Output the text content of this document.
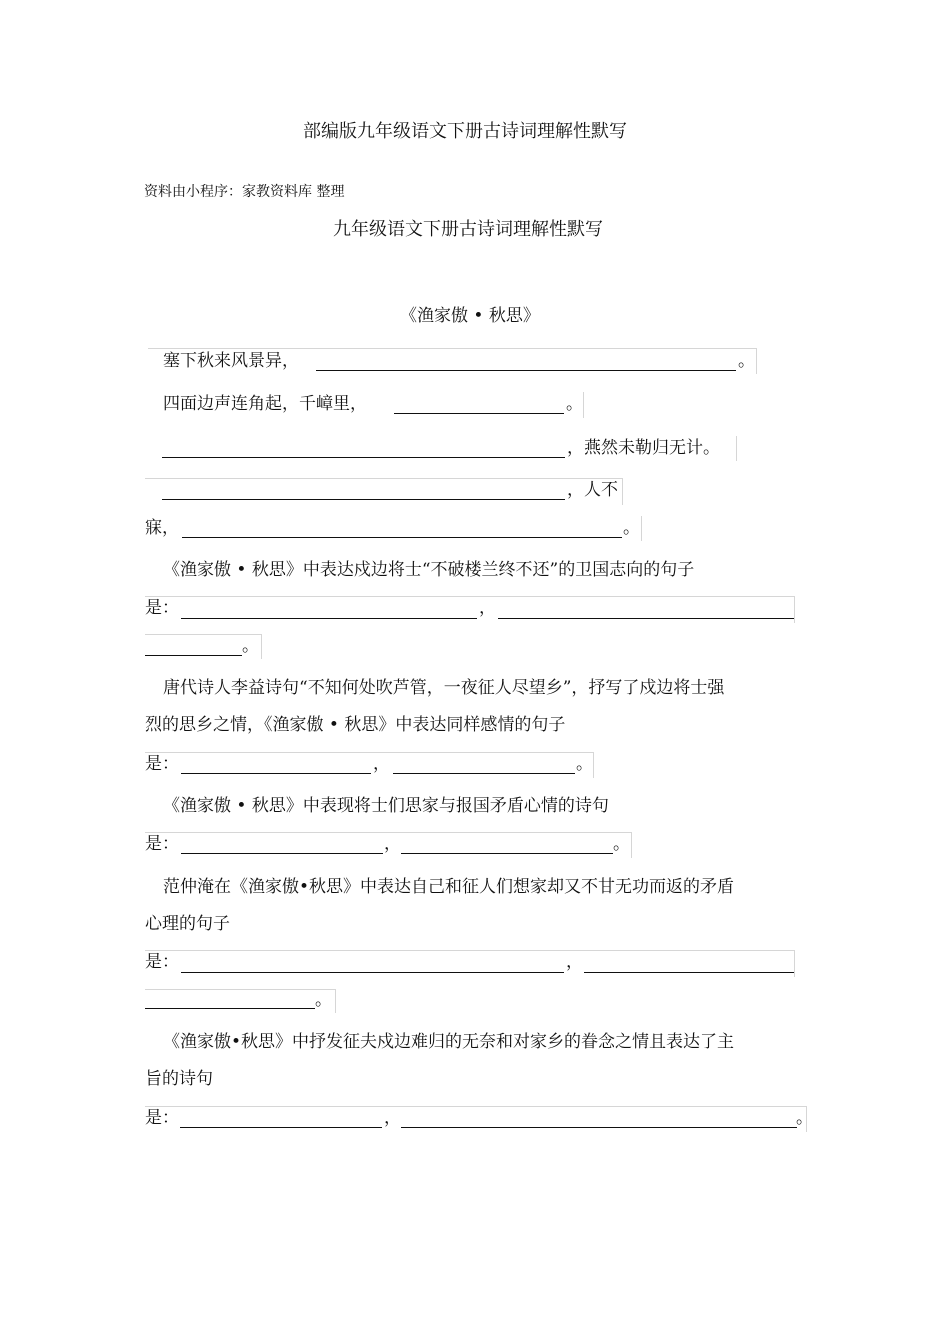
部编版九年级语文下册古诗词理解性默写
资料由小程序：家教资料库 整理
九年级语文下册古诗词理解性默写
《渔家傲 • 秋思》
塞下秋来风景异，	。
四面边声连角起，千嶂里，	。
，燕然未勒归无计。
，人不
寐，	。
《渔家傲 • 秋思》中表达戍边将士“不破楼兰终不还”的卫国志向的句子
是：	，
。
唐代诗人李益诗句“不知何处吹芦管，一夜征人尽望乡”，抒写了戍边将士强
烈的思乡之情，《渔家傲 • 秋思》中表达同样感情的句子
是：	，	。
《渔家傲 • 秋思》中表现将士们思家与报国矛盾心情的诗句
是：	，	。
范仲淹在《渔家傲•秋思》中表达自己和征人们想家却又不甘无功而返的矛盾
心理的句子
是：	，
。
《渔家傲•秋思》中抒发征夫戍边难归的无奈和对家乡的眷念之情且表达了主
旨的诗句
是：	，	。
